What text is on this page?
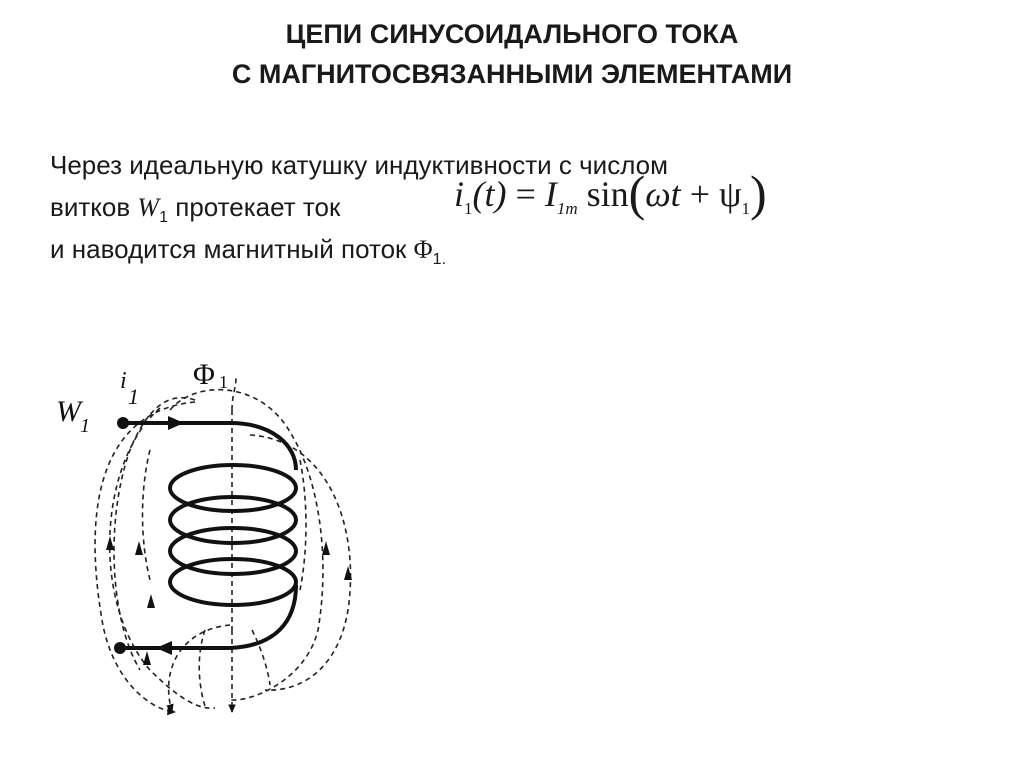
ЦЕПИ СИНУСОИДАЛЬНОГО ТОКА
С МАГНИТОСВЯЗАННЫМИ ЭЛЕМЕНТАМИ
Через идеальную катушку индуктивности с числом
витков $W_1$ протекает ток	$i_1(t) = I_{1m}$ $\sin(\omega t + \psi_1)$
и наводится магнитный поток $\Phi_{1.}$
Φ 1
W 1
i
1
